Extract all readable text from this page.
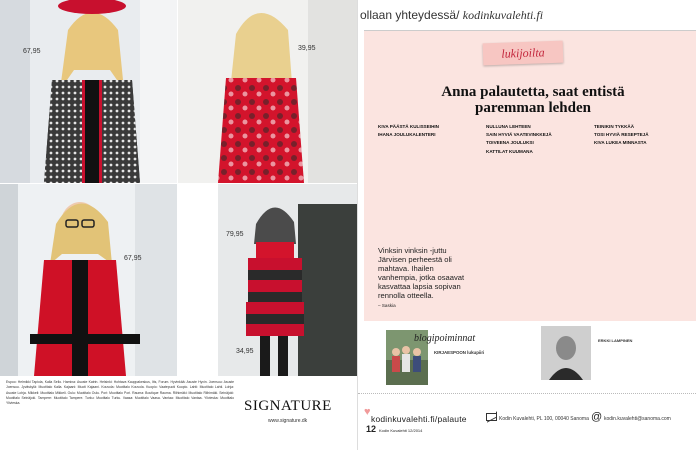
67,95	39,95
67,95
79,95
34,95
Espoo: Helmikki Tapiola, Kalla Sello. Hamina: Asuste Katrin. Helsinki: Hohtava Kauppakeskus, Itis, Forum. Hyvinkää: Asuste Hyvin. Joensuu: Asuste Joensuu. Jyväskylä: Muotitalo Kalla. Kajaani: Muoti Kajaani. Kouvola: Muotitalo Kouvola. Kuopio: Vaatepuoti Kuopio. Lahti: Muotitalo Lahti. Lohja: Asuste Lohja. Mikkeli: Muotitalo Mikkeli. Oulu: Muotitalo Oulu. Pori: Muotitalo Pori. Rauma: Boutique Rauma. Riihimäki: Muotitalo Riihimäki. Seinäjoki: Muotitalo Seinäjoki. Tampere: Muotitalo Tampere. Turku: Muotitalo Turku. Vaasa: Muotitalo Vaasa. Vantaa: Muotitalo Vantaa. Ylivieska: Muotitalo Ylivieska.	SIGNATURE
www.signature.dk
ollaan yhteydessä/ kodinkuvalehti.fi
lukijoilta
Anna palautetta, saat entistä paremman lehden
KIVA PÄÄSTÄ KULISSEIHIN

IHANA JOULUKALENTERI

Vinksin vinksin -juttu Järvisen perheestä oli mahtava. Ihailen vanhempia, jotka osaavat kasvattaa lapsia sopivan rennolla otteella.
– Saskia
NULLUNA LEHTEEN

SAIN HYVIÄ VAATEVINKKEJÄ

TOIVEENA JOULUKSI

KATTILAT KUUMANA

TEINIKIN TYKKÄÄ

TOSI HYVIÄ RESEPTEJÄ

KIVA LUKEA MINNASTA

blogipoiminnat
KIRJAESPOON lukupiiri
ERKKI LAMPINEN
♥
kodinkuvalehti.fi/palaute	Kodin Kuvalehti, PL 100, 00040 Sanoma @ kodin.kuvalehti@sanoma.com
12 Kodin Kuvalehti 12/2014
